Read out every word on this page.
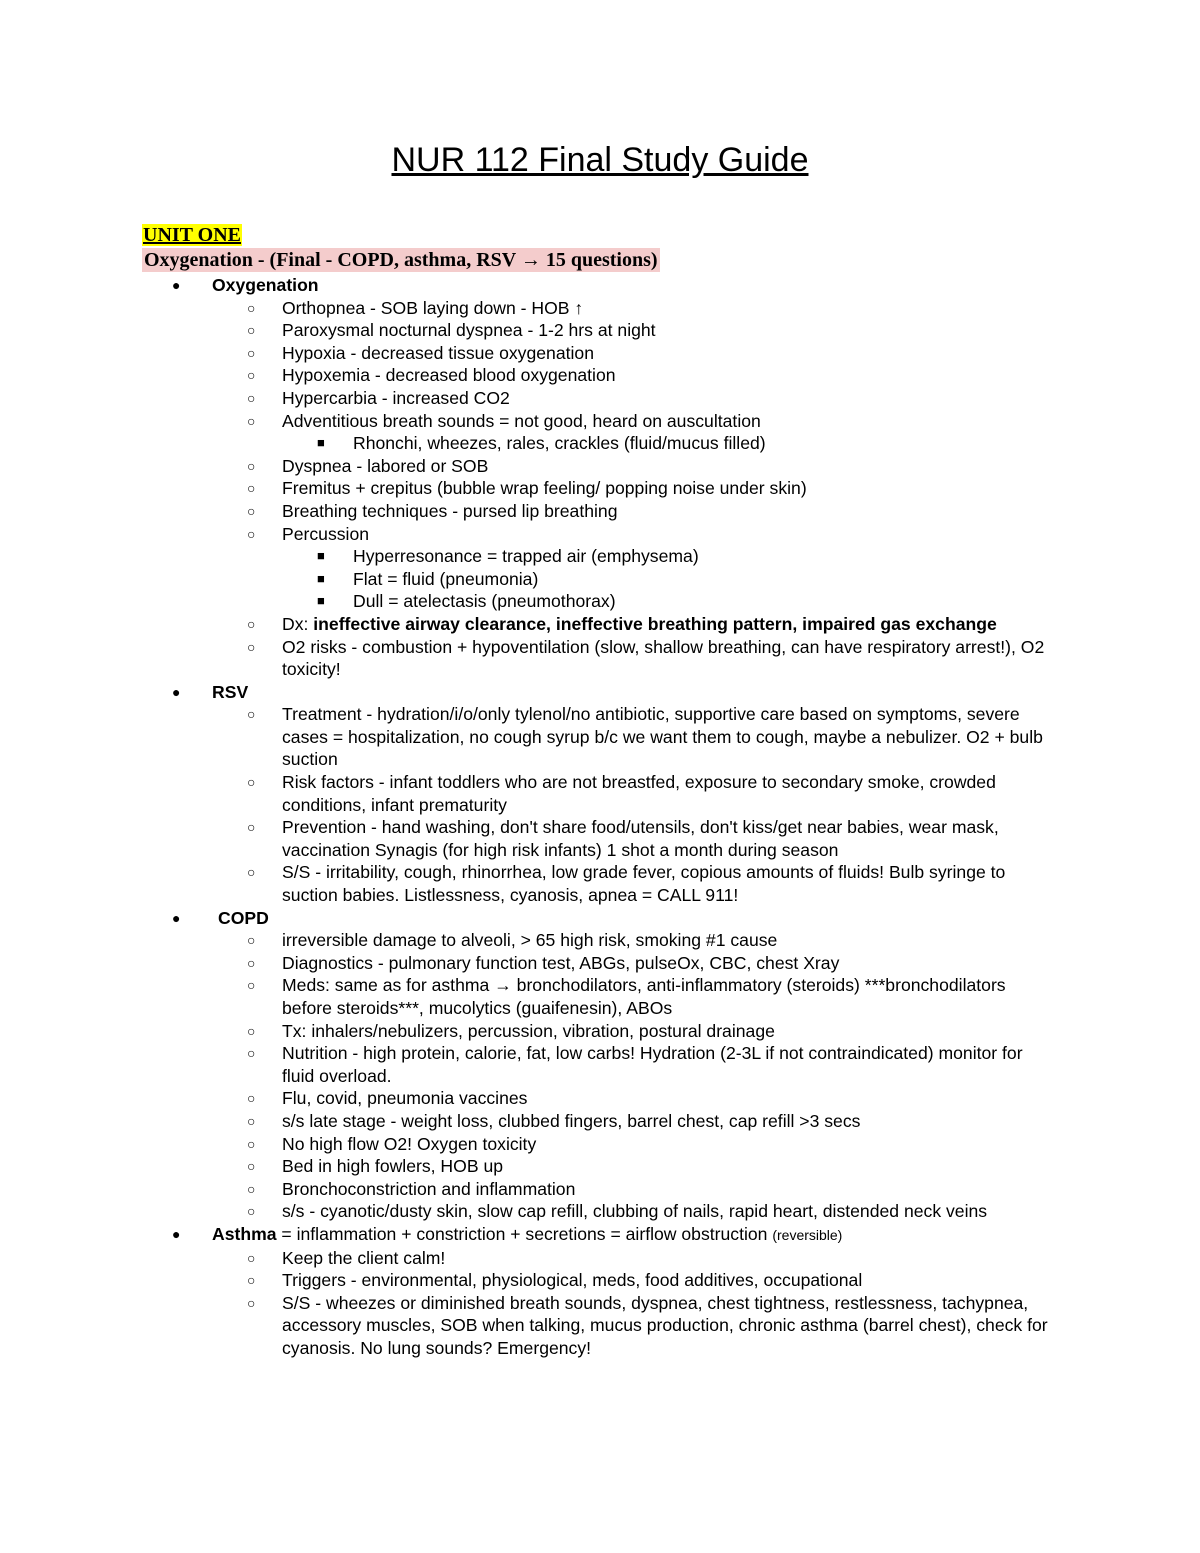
NUR 112 Final Study Guide
UNIT ONE
Oxygenation - (Final - COPD, asthma, RSV → 15 questions)
● Oxygenation
○ Orthopnea - SOB laying down - HOB ↑
○ Paroxysmal nocturnal dyspnea - 1-2 hrs at night
○ Hypoxia - decreased tissue oxygenation
○ Hypoxemia - decreased blood oxygenation
○ Hypercarbia - increased CO2
○ Adventitious breath sounds = not good, heard on auscultation
■ Rhonchi, wheezes, rales, crackles (fluid/mucus filled)
○ Dyspnea - labored or SOB
○ Fremitus + crepitus (bubble wrap feeling/ popping noise under skin)
○ Breathing techniques - pursed lip breathing
○ Percussion
■ Hyperresonance = trapped air (emphysema)
■ Flat = fluid (pneumonia)
■ Dull = atelectasis (pneumothorax)
○ Dx: ineffective airway clearance, ineffective breathing pattern, impaired gas exchange
○ O2 risks - combustion + hypoventilation (slow, shallow breathing, can have respiratory arrest!), O2 toxicity!
● RSV
○ Treatment - hydration/i/o/only tylenol/no antibiotic, supportive care based on symptoms, severe cases = hospitalization, no cough syrup b/c we want them to cough, maybe a nebulizer. O2 + bulb suction
○ Risk factors - infant toddlers who are not breastfed, exposure to secondary smoke, crowded conditions, infant prematurity
○ Prevention - hand washing, don't share food/utensils, don't kiss/get near babies, wear mask, vaccination Synagis (for high risk infants) 1 shot a month during season
○ S/S - irritability, cough, rhinorrhea, low grade fever, copious amounts of fluids! Bulb syringe to suction babies. Listlessness, cyanosis, apnea = CALL 911!
● COPD
○ irreversible damage to alveoli, > 65 high risk, smoking #1 cause
○ Diagnostics - pulmonary function test, ABGs, pulseOx, CBC, chest Xray
○ Meds: same as for asthma → bronchodilators, anti-inflammatory (steroids) ***bronchodilators before steroids***, mucolytics (guaifenesin), ABOs
○ Tx: inhalers/nebulizers, percussion, vibration, postural drainage
○ Nutrition - high protein, calorie, fat, low carbs! Hydration (2-3L if not contraindicated) monitor for fluid overload.
○ Flu, covid, pneumonia vaccines
○ s/s late stage - weight loss, clubbed fingers, barrel chest, cap refill >3 secs
○ No high flow O2! Oxygen toxicity
○ Bed in high fowlers, HOB up
○ Bronchoconstriction and inflammation
○ s/s - cyanotic/dusty skin, slow cap refill, clubbing of nails, rapid heart, distended neck veins
● Asthma = inflammation + constriction + secretions = airflow obstruction (reversible)
○ Keep the client calm!
○ Triggers - environmental, physiological, meds, food additives, occupational
○ S/S - wheezes or diminished breath sounds, dyspnea, chest tightness, restlessness, tachypnea, accessory muscles, SOB when talking, mucus production, chronic asthma (barrel chest), check for cyanosis. No lung sounds? Emergency!
